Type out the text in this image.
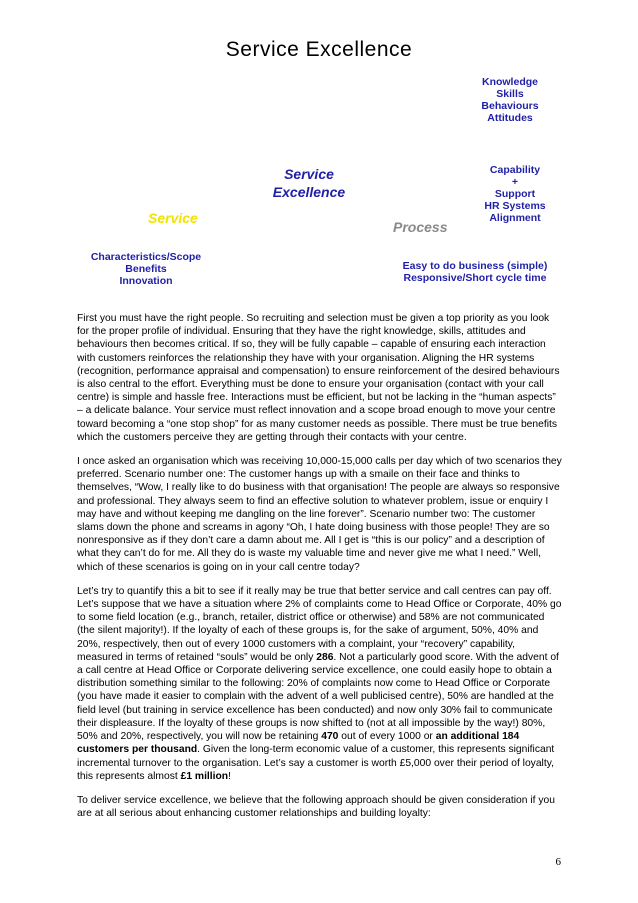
Service Excellence
Knowledge
Skills
Behaviours
Attitudes
Service
Excellence
Capability
+
Support
HR Systems
Alignment
Service
Process
Characteristics/Scope
Benefits
Innovation
Easy to do business (simple)
Responsive/Short cycle time

First you must have the right people. So recruiting and selection must be given a top priority as you look for the proper profile of individual. Ensuring that they have the right knowledge, skills, attitudes and behaviours then becomes critical. If so, they will be fully capable – capable of ensuring each interaction with customers reinforces the relationship they have with your organisation. Aligning the HR systems (recognition, performance appraisal and compensation) to ensure reinforcement of the desired behaviours is also central to the effort. Everything must be done to ensure your organisation (contact with your call centre) is simple and hassle free. Interactions must be efficient, but not be lacking in the “human aspects” – a delicate balance. Your service must reflect innovation and a scope broad enough to move your centre toward becoming a “one stop shop” for as many customer needs as possible. There must be true benefits which the customers perceive they are getting through their contacts with your centre.

I once asked an organisation which was receiving 10,000-15,000 calls per day which of two scenarios they preferred. Scenario number one: The customer hangs up with a smaile on their face and thinks to themselves, “Wow, I really like to do business with that organisation! The people are always so responsive and professional. They always seem to find an effective solution to whatever problem, issue or enquiry I may have and without keeping me dangling on the line forever”. Scenario number two: The customer slams down the phone and screams in agony “Oh, I hate doing business with those people! They are so nonresponsive as if they don’t care a damn about me. All I get is “this is our policy” and a description of what they can’t do for me. All they do is waste my valuable time and never give me what I need.” Well, which of these scenarios is going on in your call centre today?

Let’s try to quantify this a bit to see if it really may be true that better service and call centres can pay off. Let’s suppose that we have a situation where 2% of complaints come to Head Office or Corporate, 40% go to some field location (e.g., branch, retailer, district office or otherwise) and 58% are not communicated (the silent majority!). If the loyalty of each of these groups is, for the sake of argument, 50%, 40% and 20%, respectively, then out of every 1000 customers with a complaint, your “recovery” capability, measured in terms of retained “souls” would be only 286. Not a particularly good score. With the advent of a call centre at Head Office or Corporate delivering service excellence, one could easily hope to obtain a distribution something similar to the following: 20% of complaints now come to Head Office or Corporate (you have made it easier to complain with the advent of a well publicised centre), 50% are handled at the field level (but training in service excellence has been conducted) and now only 30% fail to communicate their displeasure. If the loyalty of these groups is now shifted to (not at all impossible by the way!) 80%, 50% and 20%, respectively, you will now be retaining 470 out of every 1000 or an additional 184 customers per thousand. Given the long-term economic value of a customer, this represents significant incremental turnover to the organisation. Let’s say a customer is worth £5,000 over their period of loyalty, this represents almost £1 million!

To deliver service excellence, we believe that the following approach should be given consideration if you are at all serious about enhancing customer relationships and building loyalty:

6
